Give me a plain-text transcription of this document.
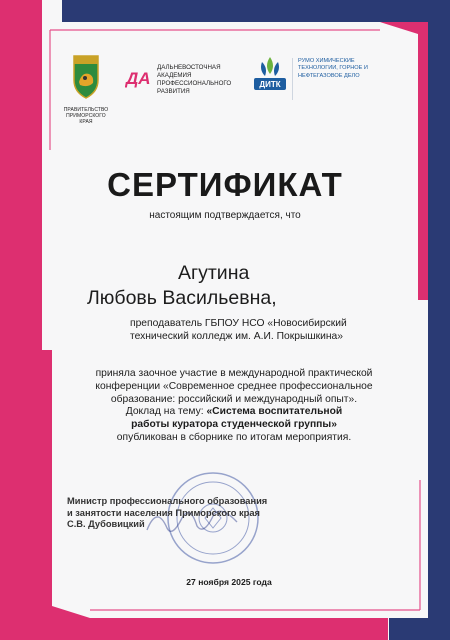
ПРАВИТЕЛЬСТВО
ПРИМОРСКОГО КРАЯ
ДА
ДАЛЬНЕВОСТОЧНАЯ
АКАДЕМИЯ
ПРОФЕССИОНАЛЬНОГО
РАЗВИТИЯ
ДИТК
РУМО ХИМИЧЕСКИЕ
ТЕХНОЛОГИИ, ГОРНОЕ И
НЕФТЕГАЗОВОЕ ДЕЛО
СЕРТИФИКАТ
настоящим подтверждается, что
Агутина
Любовь Васильевна,
преподаватель ГБПОУ НСО «Новосибирский
технический колледж им. А.И. Покрышкина»
приняла заочное участие в международной практической
конференции «Современное среднее профессиональное
образование: российский и международный опыт».
Доклад на тему: «Система воспитательной
работы куратора студенческой группы»
опубликован в сборнике по итогам мероприятия.
Министр профессионального образования
и занятости населения Приморского края
С.В. Дубовицкий
27 ноября 2025 года
